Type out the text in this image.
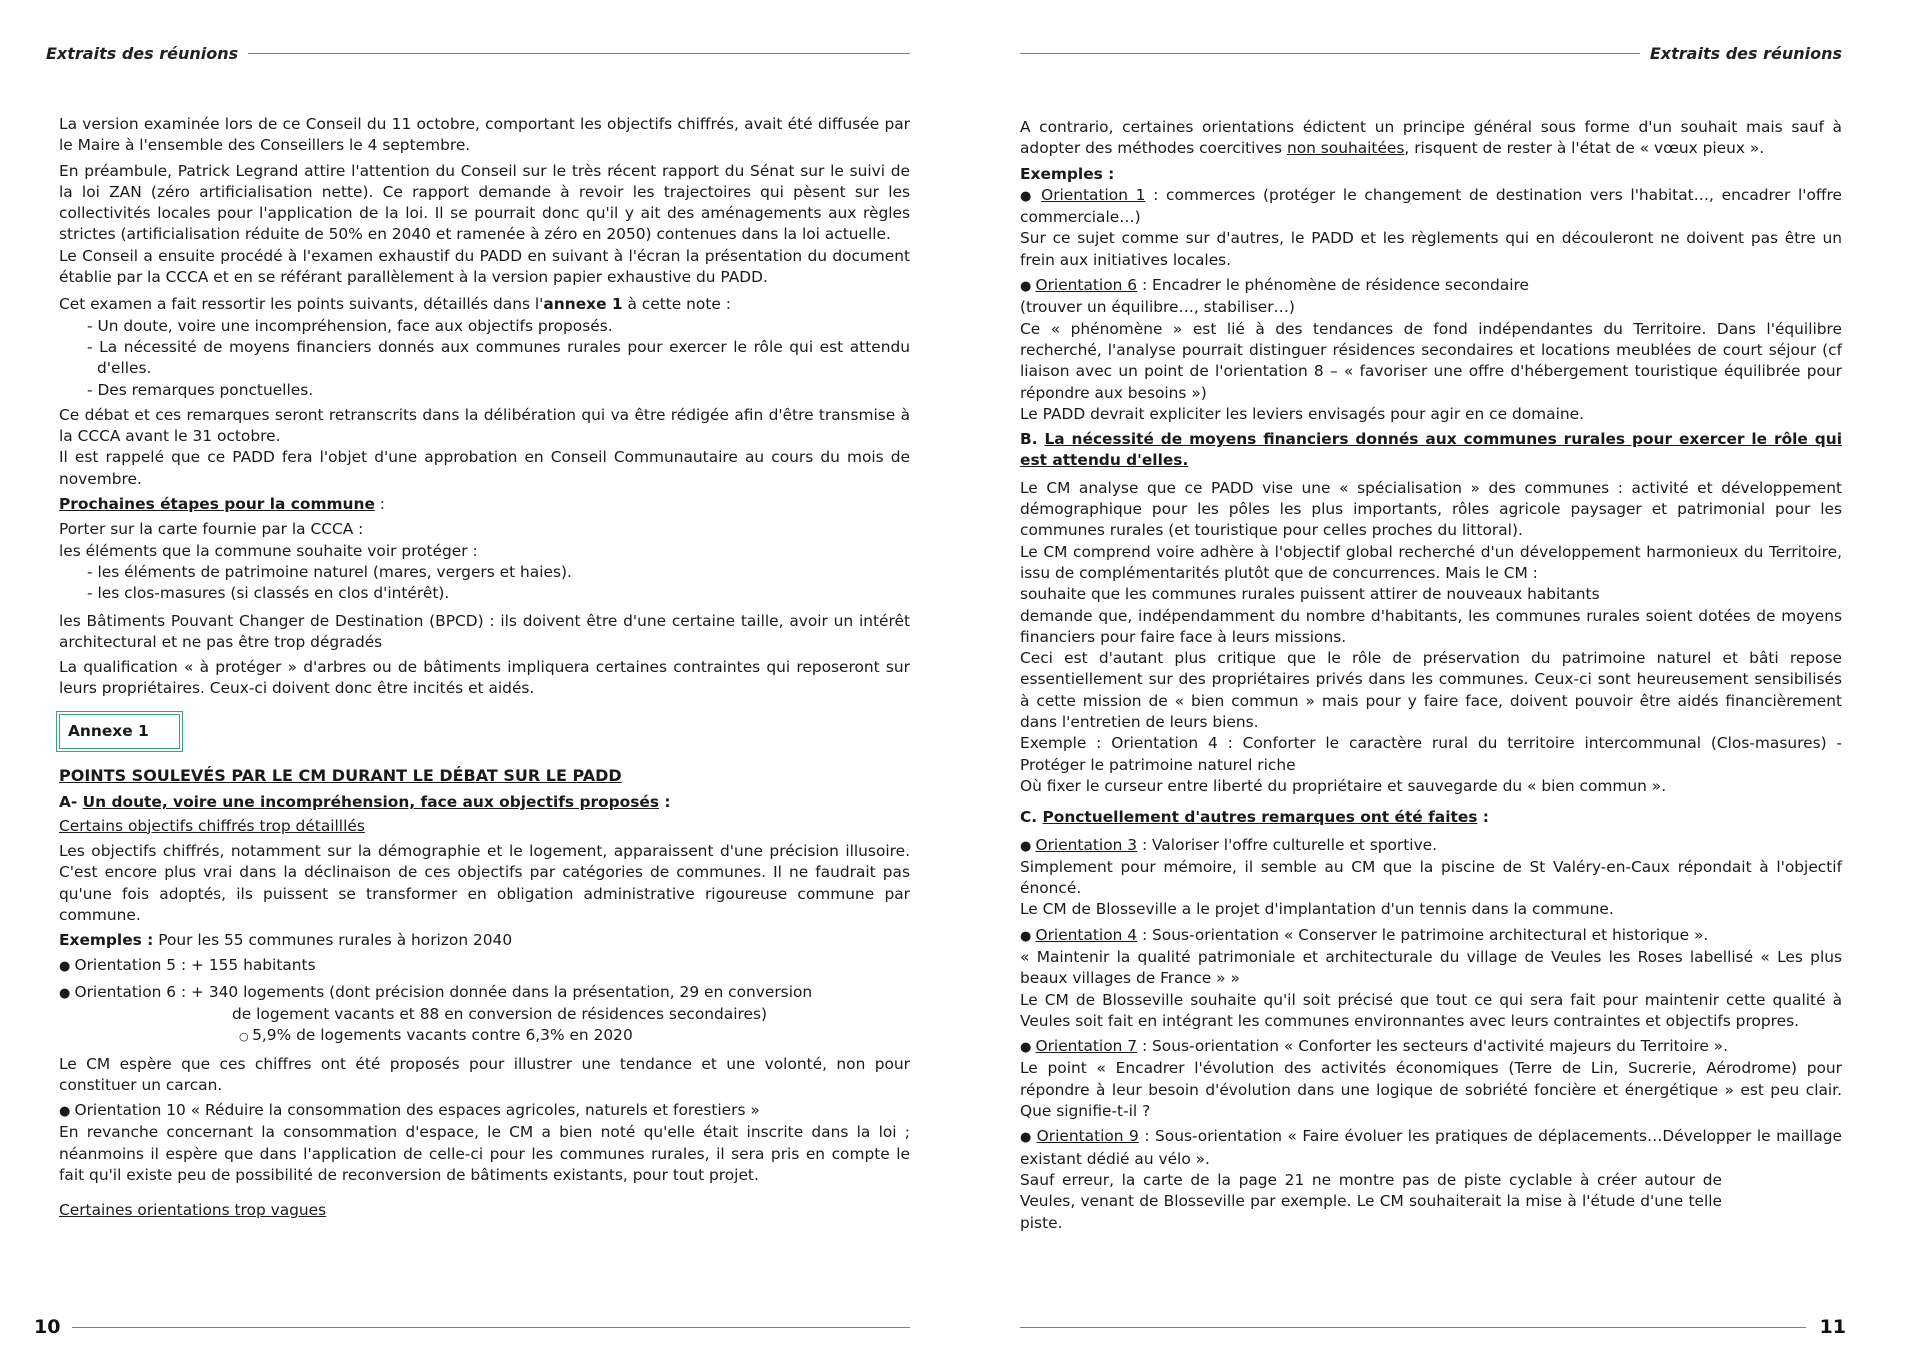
Extraits des réunions

La version examinée lors de ce Conseil du 11 octobre, comportant les objectifs chiffrés, avait été diffusée par le Maire à l'ensemble des Conseillers le 4 septembre.

En préambule, Patrick Legrand attire l'attention du Conseil sur le très récent rapport du Sénat sur le suivi de la loi ZAN (zéro artificialisation nette). Ce rapport demande à revoir les trajectoires qui pèsent sur les collectivités locales pour l'application de la loi. Il se pourrait donc qu'il y ait des aménagements aux règles strictes (artificialisation réduite de 50% en 2040 et ramenée à zéro en 2050) contenues dans la loi actuelle.

Le Conseil a ensuite procédé à l'examen exhaustif du PADD en suivant à l'écran la présentation du document établie par la CCCA et en se référant parallèlement à la version papier exhaustive du PADD.

Cet examen a fait ressortir les points suivants, détaillés dans l'annexe 1 à cette note :

- Un doute, voire une incompréhension, face aux objectifs proposés.

- La nécessité de moyens financiers donnés aux communes rurales pour exercer le rôle qui est attendu d'elles.

- Des remarques ponctuelles.

Ce débat et ces remarques seront retranscrits dans la délibération qui va être rédigée afin d'être transmise à la CCCA avant le 31 octobre.

Il est rappelé que ce PADD fera l'objet d'une approbation en Conseil Communautaire au cours du mois de novembre.

Prochaines étapes pour la commune :

Porter sur la carte fournie par la CCCA :

les éléments que la commune souhaite voir protéger :

- les éléments de patrimoine naturel (mares, vergers et haies).

- les clos-masures (si classés en clos d'intérêt).

les Bâtiments Pouvant Changer de Destination (BPCD) : ils doivent être d'une certaine taille, avoir un intérêt architectural et ne pas être trop dégradés

La qualification « à protéger » d'arbres ou de bâtiments impliquera certaines contraintes qui reposeront sur leurs propriétaires. Ceux-ci doivent donc être incités et aidés.

Annexe 1
POINTS SOULEVÉS PAR LE CM DURANT LE DÉBAT SUR LE PADD

A- Un doute, voire une incompréhension, face aux objectifs proposés :

Certains objectifs chiffrés trop détailllés

Les objectifs chiffrés, notamment sur la démographie et le logement, apparaissent d'une précision illusoire. C'est encore plus vrai dans la déclinaison de ces objectifs par catégories de communes. Il ne faudrait pas qu'une fois adoptés, ils puissent se transformer en obligation administrative rigoureuse commune par commune.

Exemples : Pour les 55 communes rurales à horizon 2040

● Orientation 5 : + 155 habitants

● Orientation 6 : + 340 logements (dont précision donnée dans la présentation, 29 en conversion

de logement vacants et 88 en conversion de résidences secondaires)

○ 5,9% de logements vacants contre 6,3% en 2020

Le CM espère que ces chiffres ont été proposés pour illustrer une tendance et une volonté, non pour constituer un carcan.

● Orientation 10 « Réduire la consommation des espaces agricoles, naturels et forestiers »

En revanche concernant la consommation d'espace, le CM a bien noté qu'elle était inscrite dans la loi ; néanmoins il espère que dans l'application de celle-ci pour les communes rurales, il sera pris en compte le fait qu'il existe peu de possibilité de reconversion de bâtiments existants, pour tout projet.

Certaines orientations trop vagues

10
Extraits des réunions

A contrario, certaines orientations édictent un principe général sous forme d'un souhait mais sauf à adopter des méthodes coercitives non souhaitées, risquent de rester à l'état de « vœux pieux ».

Exemples :

● Orientation 1 : commerces (protéger le changement de destination vers l'habitat…, encadrer l'offre commerciale…)

Sur ce sujet comme sur d'autres, le PADD et les règlements qui en découleront ne doivent pas être un frein aux initiatives locales.

● Orientation 6 : Encadrer le phénomène de résidence secondaire

(trouver un équilibre…, stabiliser…)

Ce « phénomène » est lié à des tendances de fond indépendantes du Territoire. Dans l'équilibre recherché, l'analyse pourrait distinguer résidences secondaires et locations meublées de court séjour (cf liaison avec un point de l'orientation 8 – « favoriser une offre d'hébergement touristique équilibrée pour répondre aux besoins »)

Le PADD devrait expliciter les leviers envisagés pour agir en ce domaine.

B. La nécessité de moyens financiers donnés aux communes rurales pour exercer le rôle qui est attendu d'elles.

Le CM analyse que ce PADD vise une « spécialisation » des communes : activité et développement démographique pour les pôles les plus importants, rôles agricole paysager et patrimonial pour les communes rurales (et touristique pour celles proches du littoral).

Le CM comprend voire adhère à l'objectif global recherché d'un développement harmonieux du Territoire, issu de complémentarités plutôt que de concurrences. Mais le CM :

souhaite que les communes rurales puissent attirer de nouveaux habitants

demande que, indépendamment du nombre d'habitants, les communes rurales soient dotées de moyens financiers pour faire face à leurs missions.

Ceci est d'autant plus critique que le rôle de préservation du patrimoine naturel et bâti repose essentiellement sur des propriétaires privés dans les communes. Ceux-ci sont heureusement sensibilisés à cette mission de « bien commun » mais pour y faire face, doivent pouvoir être aidés financièrement dans l'entretien de leurs biens.

Exemple : Orientation 4 : Conforter le caractère rural du territoire intercommunal (Clos-masures) - Protéger le patrimoine naturel riche

Où fixer le curseur entre liberté du propriétaire et sauvegarde du « bien commun ».

C. Ponctuellement d'autres remarques ont été faites :

● Orientation 3 : Valoriser l'offre culturelle et sportive.

Simplement pour mémoire, il semble au CM que la piscine de St Valéry-en-Caux répondait à l'objectif énoncé.

Le CM de Blosseville a le projet d'implantation d'un tennis dans la commune.

● Orientation 4 : Sous-orientation « Conserver le patrimoine architectural et historique ».

« Maintenir la qualité patrimoniale et architecturale du village de Veules les Roses labellisé « Les plus beaux villages de France » »

Le CM de Blosseville souhaite qu'il soit précisé que tout ce qui sera fait pour maintenir cette qualité à Veules soit fait en intégrant les communes environnantes avec leurs contraintes et objectifs propres.

● Orientation 7 : Sous-orientation « Conforter les secteurs d'activité majeurs du Territoire ».

Le point « Encadrer l'évolution des activités économiques (Terre de Lin, Sucrerie, Aérodrome) pour répondre à leur besoin d'évolution dans une logique de sobriété foncière et énergétique » est peu clair. Que signifie-t-il ?

● Orientation 9 : Sous-orientation « Faire évoluer les pratiques de déplacements…Développer le maillage existant dédié au vélo ».

Sauf erreur, la carte de la page 21 ne montre pas de piste cyclable à créer autour de Veules, venant de Blosseville par exemple. Le CM souhaiterait la mise à l'étude d'une telle piste.

11
